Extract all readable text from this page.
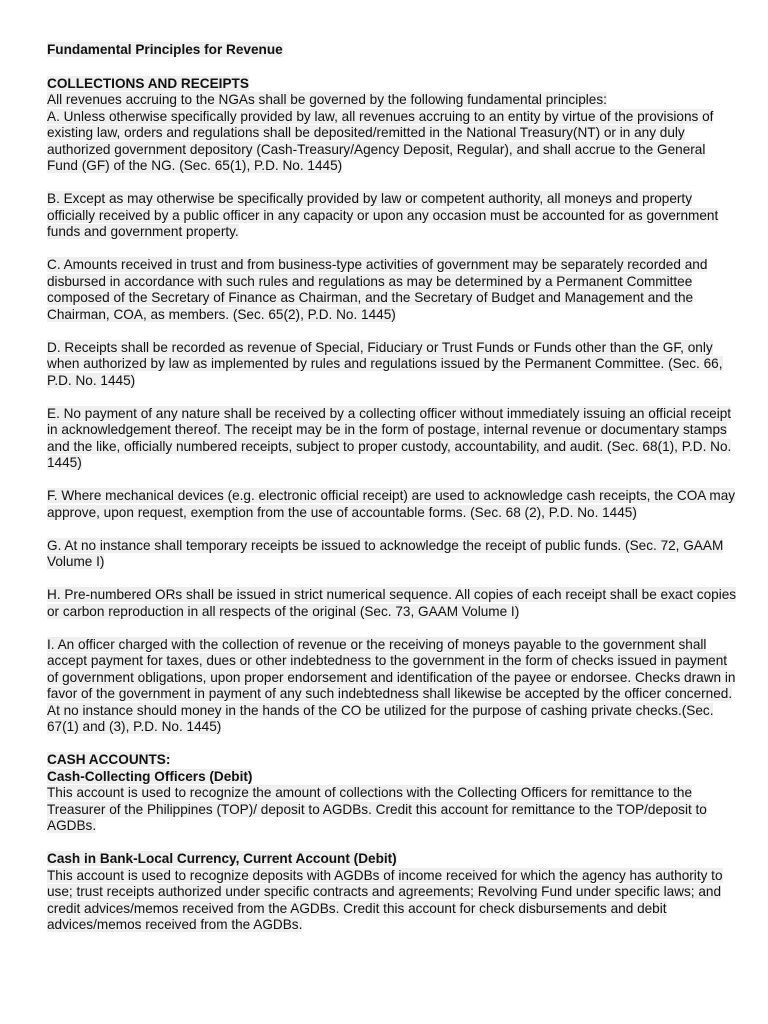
Fundamental Principles for Revenue
COLLECTIONS AND RECEIPTS
All revenues accruing to the NGAs shall be governed by the following fundamental principles:

A. Unless otherwise specifically provided by law, all revenues accruing to an entity by virtue of the provisions of existing law, orders and regulations shall be deposited/remitted in the National Treasury(NT) or in any duly authorized government depository (Cash-Treasury/Agency Deposit, Regular), and shall accrue to the General Fund (GF) of the NG. (Sec. 65(1), P.D. No. 1445)

B. Except as may otherwise be specifically provided by law or competent authority, all moneys and property officially received by a public officer in any capacity or upon any occasion must be accounted for as government funds and government property.

C. Amounts received in trust and from business-type activities of government may be separately recorded and disbursed in accordance with such rules and regulations as may be determined by a Permanent Committee composed of the Secretary of Finance as Chairman, and the Secretary of Budget and Management and the Chairman, COA, as members. (Sec. 65(2), P.D. No. 1445)

D. Receipts shall be recorded as revenue of Special, Fiduciary or Trust Funds or Funds other than the GF, only when authorized by law as implemented by rules and regulations issued by the Permanent Committee. (Sec. 66, P.D. No. 1445)

E. No payment of any nature shall be received by a collecting officer without immediately issuing an official receipt in acknowledgement thereof. The receipt may be in the form of postage, internal revenue or documentary stamps and the like, officially numbered receipts, subject to proper custody, accountability, and audit. (Sec. 68(1), P.D. No. 1445)

F. Where mechanical devices (e.g. electronic official receipt) are used to acknowledge cash receipts, the COA may approve, upon request, exemption from the use of accountable forms. (Sec. 68 (2), P.D. No. 1445)

G. At no instance shall temporary receipts be issued to acknowledge the receipt of public funds. (Sec. 72, GAAM Volume I)

H. Pre-numbered ORs shall be issued in strict numerical sequence. All copies of each receipt shall be exact copies or carbon reproduction in all respects of the original (Sec. 73, GAAM Volume I)

I. An officer charged with the collection of revenue or the receiving of moneys payable to the government shall accept payment for taxes, dues or other indebtedness to the government in the form of checks issued in payment of government obligations, upon proper endorsement and identification of the payee or endorsee. Checks drawn in favor of the government in payment of any such indebtedness shall likewise be accepted by the officer concerned. At no instance should money in the hands of the CO be utilized for the purpose of cashing private checks.(Sec. 67(1) and (3), P.D. No. 1445)

CASH ACCOUNTS:
Cash-Collecting Officers (Debit)

This account is used to recognize the amount of collections with the Collecting Officers for remittance to the Treasurer of the Philippines (TOP)/ deposit to AGDBs. Credit this account for remittance to the TOP/deposit to AGDBs.

Cash in Bank-Local Currency, Current Account (Debit)

This account is used to recognize deposits with AGDBs of income received for which the agency has authority to use; trust receipts authorized under specific contracts and agreements; Revolving Fund under specific laws; and credit advices/memos received from the AGDBs. Credit this account for check disbursements and debit advices/memos received from the AGDBs.
